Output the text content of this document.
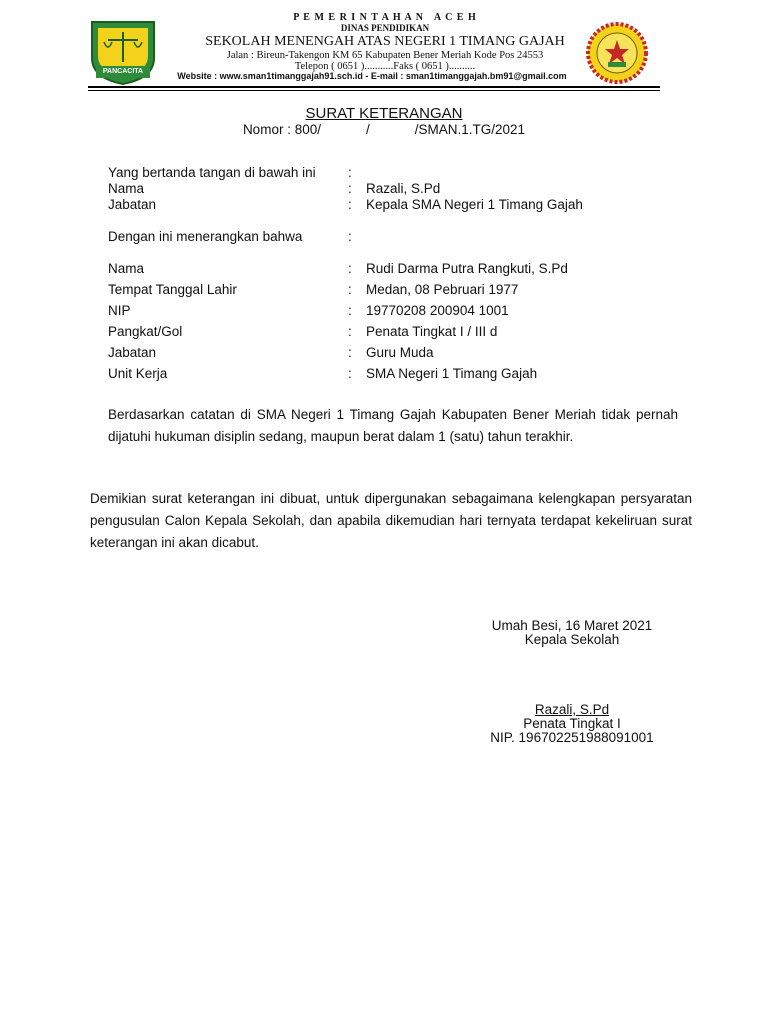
PANCACITA
P E M E R I N T A H A N   A C E H
DINAS PENDIDIKAN
SEKOLAH MENENGAH ATAS NEGERI 1 TIMANG GAJAH
Jalan : Bireun-Takengon KM 65 Kabupaten Bener Meriah Kode Pos 24553
Telepon ( 0651 )...........Faks ( 0651 )..........
Website : www.sman1timanggajah91.sch.id - E-mail : sman1timanggajah.bm91@gmail.com
SURAT KETERANGAN
Nomor : 800/            /            /SMAN.1.TG/2021
Yang bertanda tangan di bawah ini :
Nama	: Razali, S.Pd
Jabatan	: Kepala SMA Negeri 1 Timang Gajah
Dengan ini menerangkan bahwa	:
Nama	: Rudi Darma Putra Rangkuti, S.Pd
Tempat Tanggal Lahir	: Medan, 08 Pebruari 1977
NIP	: 19770208 200904 1001
Pangkat/Gol	: Penata Tingkat I / III d
Jabatan	: Guru Muda
Unit Kerja	: SMA Negeri 1 Timang Gajah
Berdasarkan catatan di SMA Negeri 1 Timang Gajah Kabupaten Bener Meriah tidak pernah dijatuhi hukuman disiplin sedang, maupun berat dalam 1 (satu) tahun terakhir.
Demikian surat keterangan ini dibuat, untuk dipergunakan sebagaimana kelengkapan persyaratan pengusulan Calon Kepala Sekolah, dan apabila dikemudian hari ternyata terdapat kekeliruan surat keterangan ini akan dicabut.
Umah Besi, 16 Maret 2021
Kepala Sekolah
Razali, S.Pd
Penata Tingkat I
NIP. 196702251988091001
